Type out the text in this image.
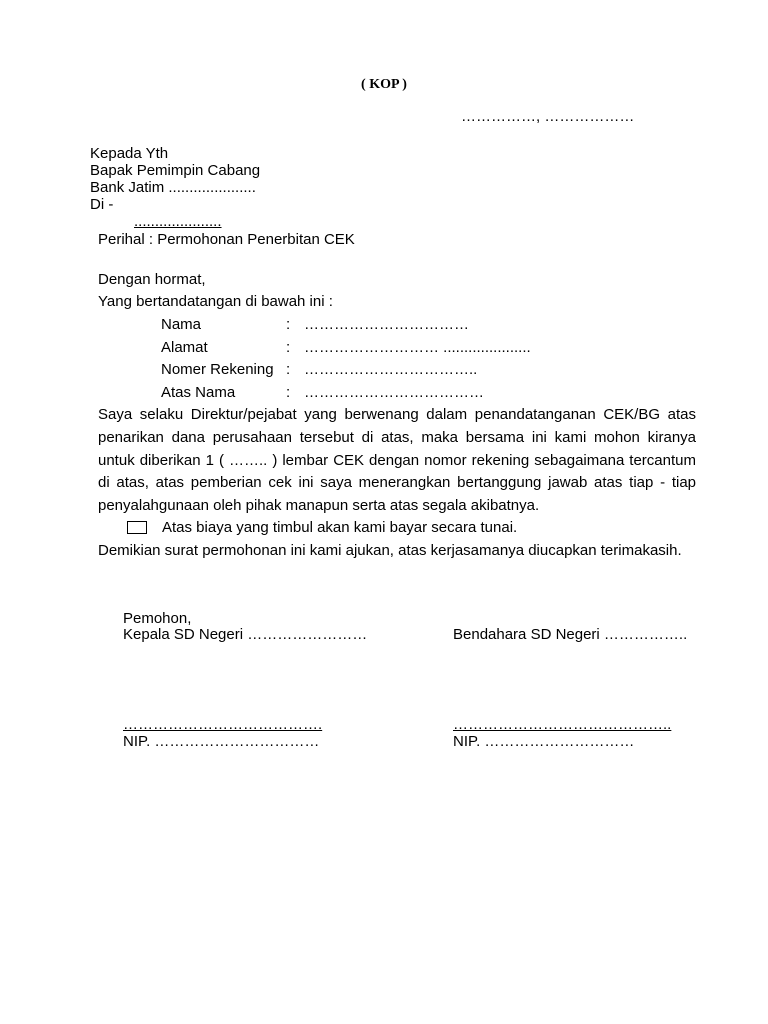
( KOP )
……………, ………………
Kepada Yth
Bapak Pemimpin Cabang
Bank Jatim .....................
Di -
.....................
Perihal : Permohonan Penerbitan CEK
Dengan hormat,
Yang bertandatangan di bawah ini :
Nama	: ……………………………
Alamat	: ……………………… .....................
Nomer Rekening : ……………………………..
Atas Nama	: ………………………………
Saya selaku Direktur/pejabat yang berwenang dalam penandatanganan CEK/BG atas
penarikan dana perusahaan tersebut di atas, maka bersama ini kami mohon kiranya
untuk diberikan 1 ( …….. ) lembar CEK dengan nomor rekening sebagaimana tercantum
di atas, atas pemberian cek ini saya menerangkan bertanggung jawab atas tiap - tiap
penyalahgunaan oleh pihak manapun serta atas segala akibatnya.
Atas biaya yang timbul akan kami bayar secara tunai.
Demikian surat permohonan ini kami ajukan, atas kerjasamanya diucapkan terimakasih.
Pemohon,
Kepala SD Negeri ……………………	Bendahara SD Negeri ……………..
………………………………….	……………………………………..
NIP. ……………………………	NIP. …………………………
